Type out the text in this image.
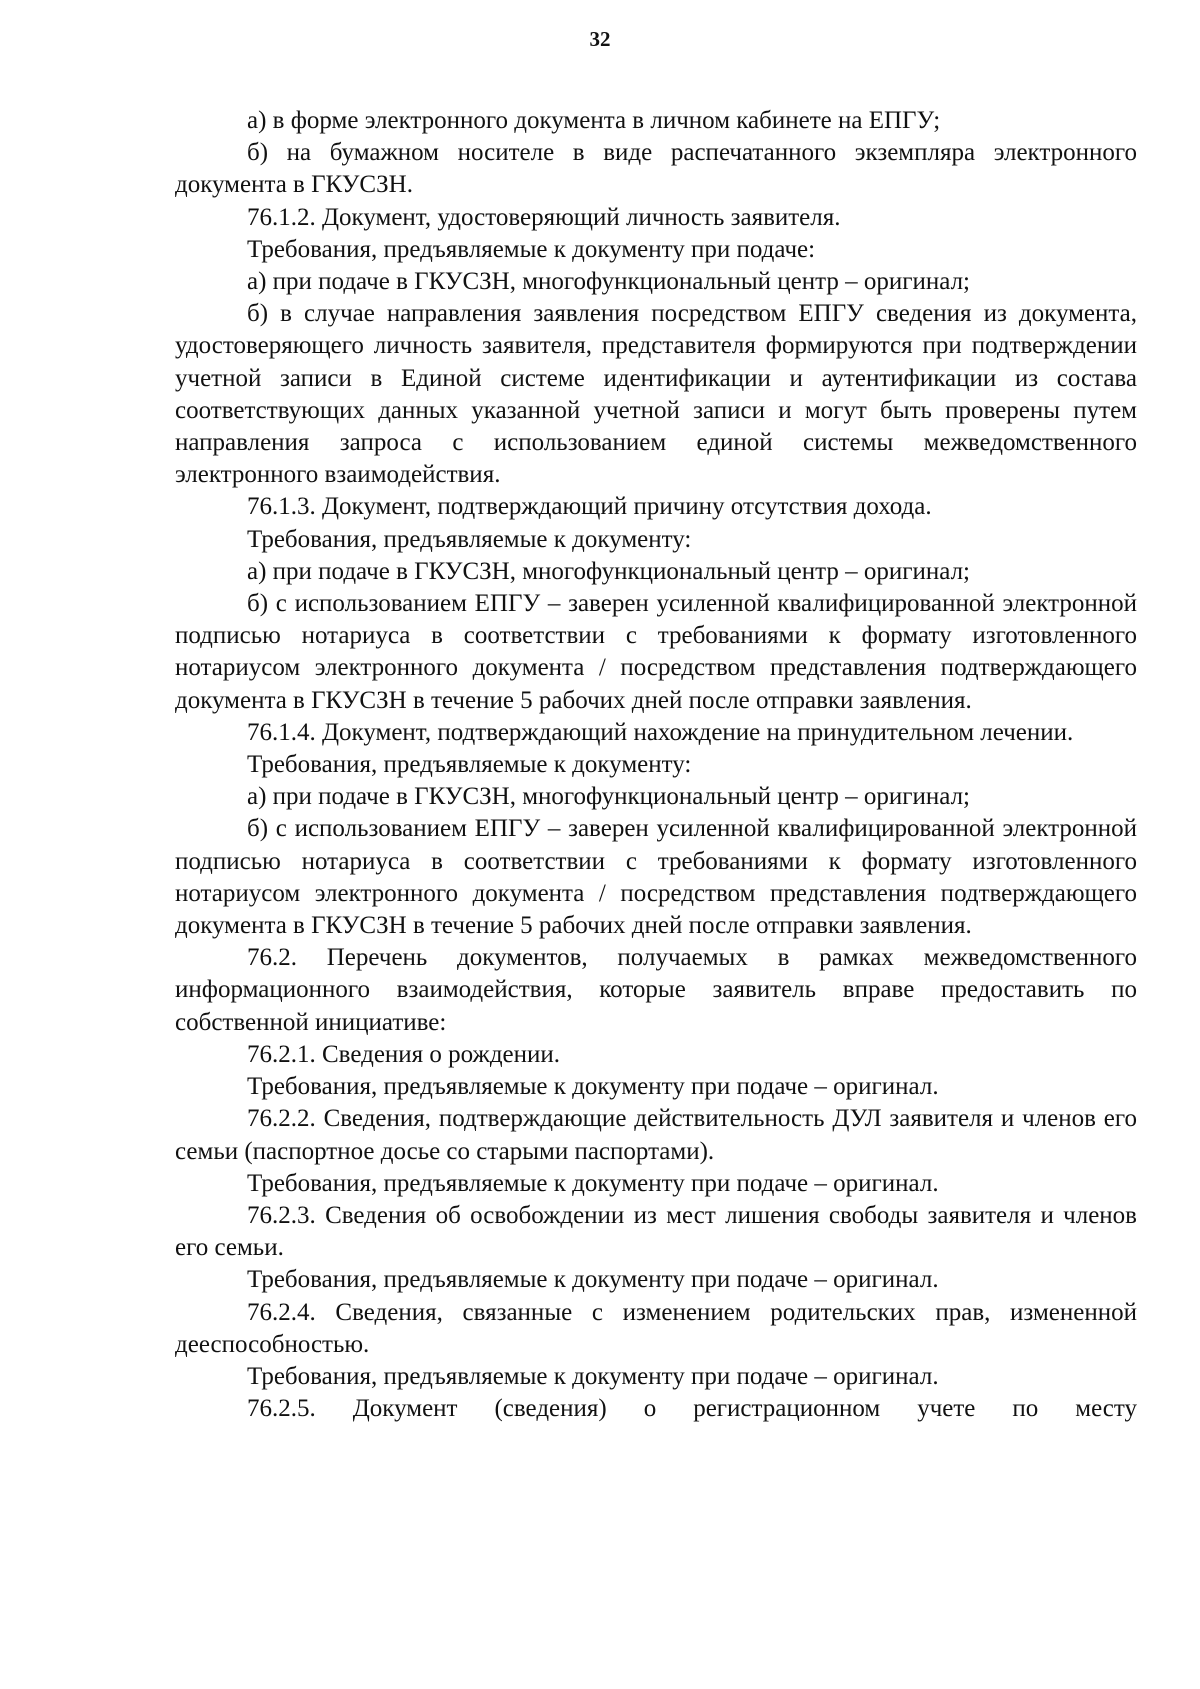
32

а) в форме электронного документа в личном кабинете на ЕПГУ;

б) на бумажном носителе в виде распечатанного экземпляра электронного документа в ГКУСЗН.

76.1.2. Документ, удостоверяющий личность заявителя.

Требования, предъявляемые к документу при подаче:

а) при подаче в ГКУСЗН, многофункциональный центр – оригинал;

б) в случае направления заявления посредством ЕПГУ сведения из документа, удостоверяющего личность заявителя, представителя формируются при подтверждении учетной записи в Единой системе идентификации и аутентификации из состава соответствующих данных указанной учетной записи и могут быть проверены путем направления запроса с использованием единой системы межведомственного электронного взаимодействия.

76.1.3. Документ, подтверждающий причину отсутствия дохода.

Требования, предъявляемые к документу:

а) при подаче в ГКУСЗН, многофункциональный центр – оригинал;

б) с использованием ЕПГУ – заверен усиленной квалифицированной электронной подписью нотариуса в соответствии с требованиями к формату изготовленного нотариусом электронного документа / посредством представления подтверждающего документа в ГКУСЗН в течение 5 рабочих дней после отправки заявления.

76.1.4. Документ, подтверждающий нахождение на принудительном лечении.

Требования, предъявляемые к документу:

а) при подаче в ГКУСЗН, многофункциональный центр – оригинал;

б) с использованием ЕПГУ – заверен усиленной квалифицированной электронной подписью нотариуса в соответствии с требованиями к формату изготовленного нотариусом электронного документа / посредством представления подтверждающего документа в ГКУСЗН в течение 5 рабочих дней после отправки заявления.

76.2. Перечень документов, получаемых в рамках межведомственного информационного взаимодействия, которые заявитель вправе предоставить по собственной инициативе:

76.2.1. Сведения о рождении.

Требования, предъявляемые к документу при подаче – оригинал.

76.2.2. Сведения, подтверждающие действительность ДУЛ заявителя и членов его семьи (паспортное досье со старыми паспортами).

Требования, предъявляемые к документу при подаче – оригинал.

76.2.3. Сведения об освобождении из мест лишения свободы заявителя и членов его семьи.

Требования, предъявляемые к документу при подаче – оригинал.

76.2.4. Сведения, связанные с изменением родительских прав, измененной дееспособностью.

Требования, предъявляемые к документу при подаче – оригинал.

76.2.5. Документ (сведения) о регистрационном учете по месту
